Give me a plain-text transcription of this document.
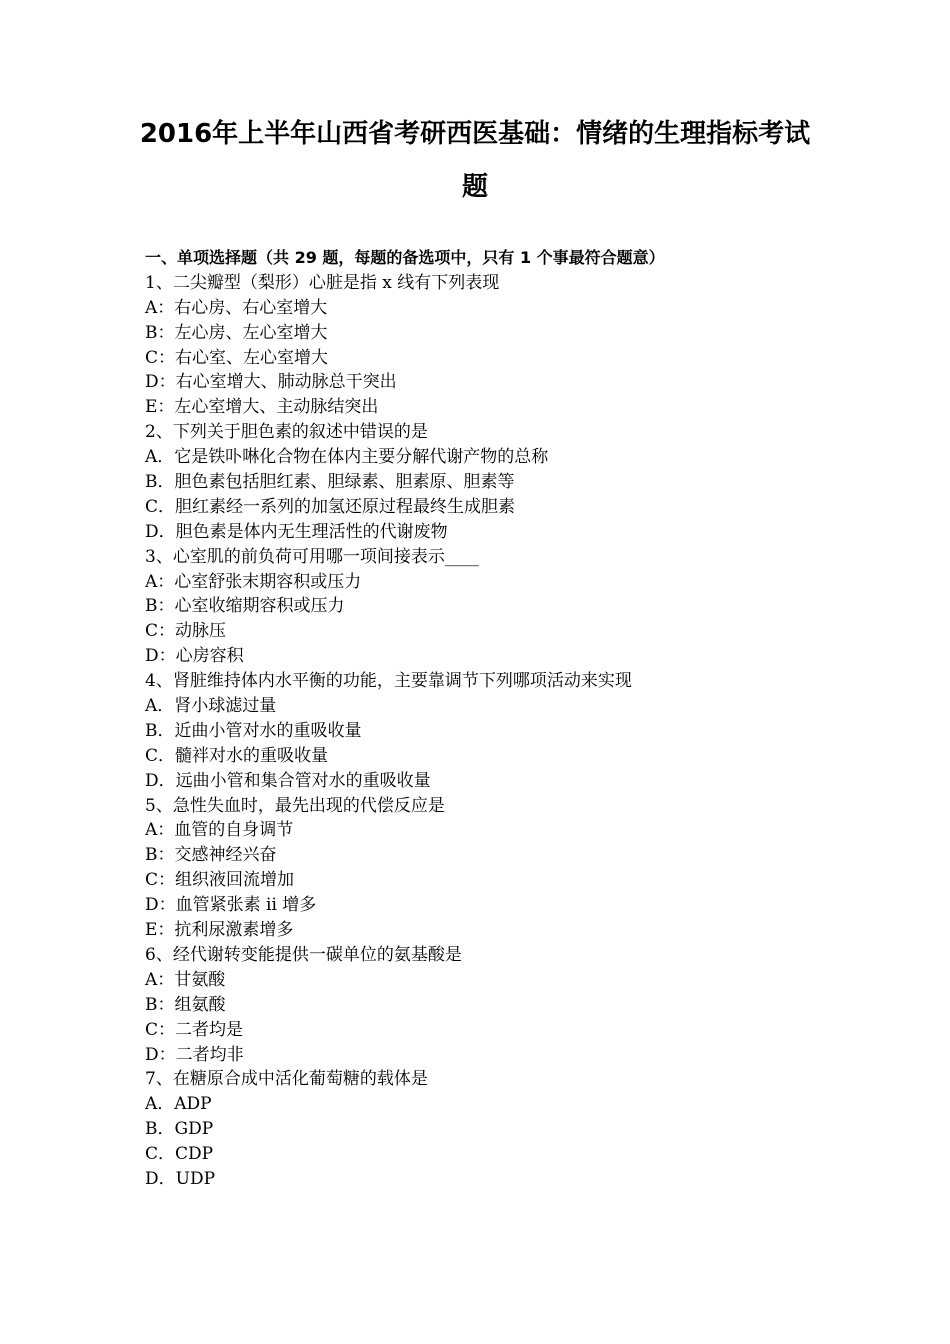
2016年上半年山西省考研西医基础：情绪的生理指标考试
题
一、单项选择题（共 29 题，每题的备选项中，只有 1 个事最符合题意）
1、二尖瓣型（梨形）心脏是指 x 线有下列表现
A：右心房、右心室增大
B：左心房、左心室增大
C：右心室、左心室增大
D：右心室增大、肺动脉总干突出
E：左心室增大、主动脉结突出
2、下列关于胆色素的叙述中错误的是
A．它是铁卟啉化合物在体内主要分解代谢产物的总称
B．胆色素包括胆红素、胆绿素、胆素原、胆素等
C．胆红素经一系列的加氢还原过程最终生成胆素
D．胆色素是体内无生理活性的代谢废物
3、心室肌的前负荷可用哪一项间接表示____
A：心室舒张末期容积或压力
B：心室收缩期容积或压力
C：动脉压
D：心房容积
4、肾脏维持体内水平衡的功能，主要靠调节下列哪项活动来实现
A．肾小球滤过量
B．近曲小管对水的重吸收量
C．髓袢对水的重吸收量
D．远曲小管和集合管对水的重吸收量
5、急性失血时，最先出现的代偿反应是
A：血管的自身调节
B：交感神经兴奋
C：组织液回流增加
D：血管紧张素 ii 增多
E：抗利尿激素增多
6、经代谢转变能提供一碳单位的氨基酸是
A：甘氨酸
B：组氨酸
C：二者均是
D：二者均非
7、在糖原合成中活化葡萄糖的载体是
A．ADP
B．GDP
C．CDP
D．UDP
